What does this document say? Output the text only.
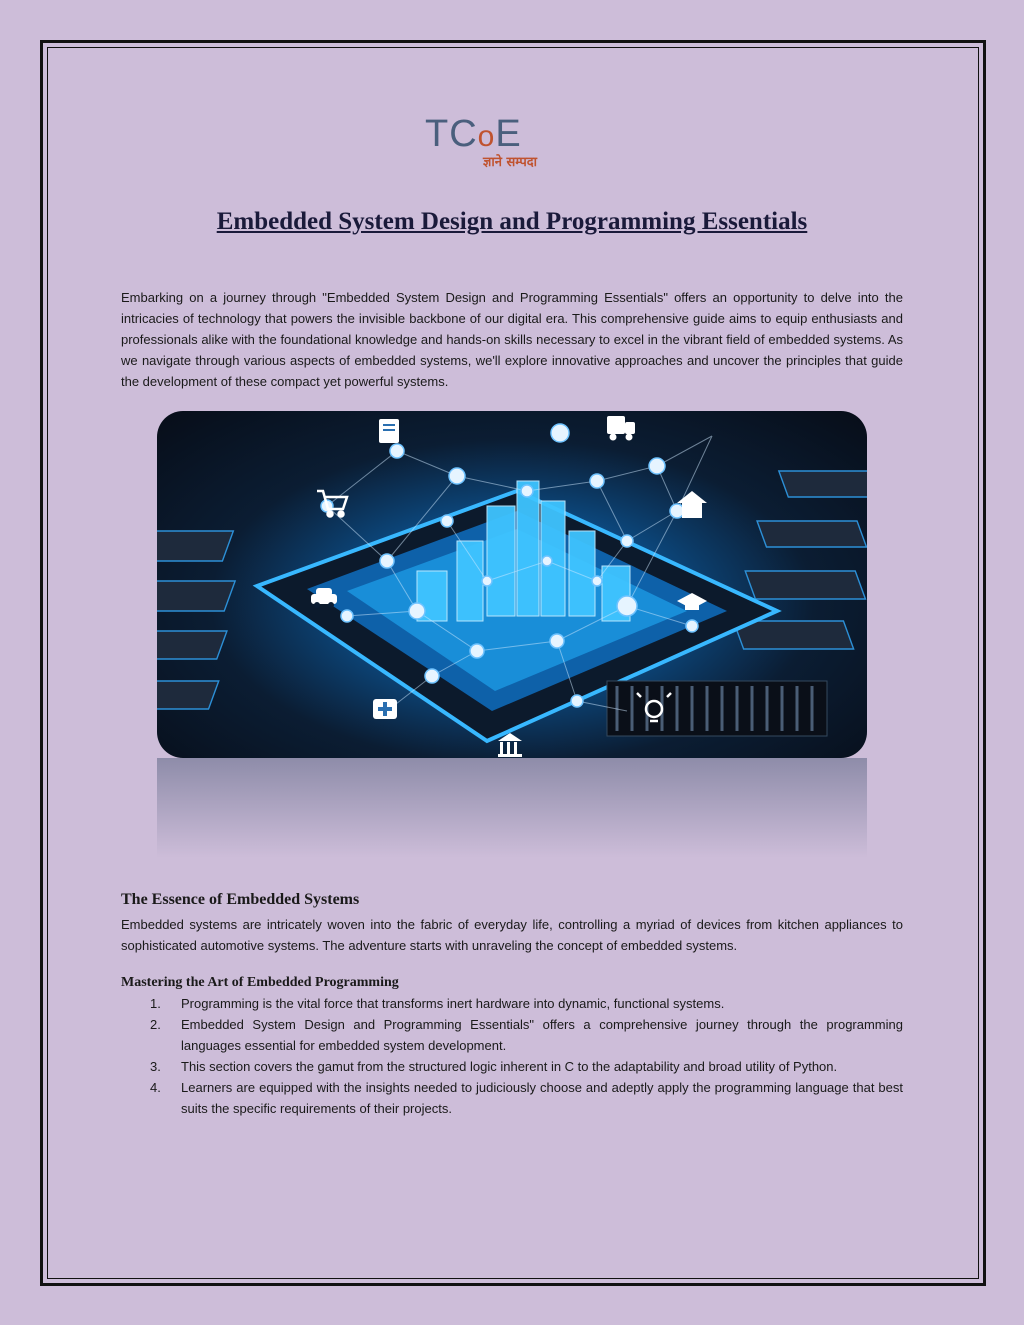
TCoE
ज्ञाने सम्पदा
Embedded System Design and Programming Essentials

Embarking on a journey through "Embedded System Design and Programming Essentials" offers an opportunity to delve into the intricacies of technology that powers the invisible backbone of our digital era. This comprehensive guide aims to equip enthusiasts and professionals alike with the foundational knowledge and hands-on skills necessary to excel in the vibrant field of embedded systems. As we navigate through various aspects of embedded systems, we'll explore innovative approaches and uncover the principles that guide the development of these compact yet powerful systems.

The Essence of Embedded Systems

Embedded systems are intricately woven into the fabric of everyday life, controlling a myriad of devices from kitchen appliances to sophisticated automotive systems. The adventure starts with unraveling the concept of embedded systems.

Mastering the Art of Embedded Programming
1. Programming is the vital force that transforms inert hardware into dynamic, functional systems.
2. Embedded System Design and Programming Essentials" offers a comprehensive journey through the programming languages essential for embedded system development.
3. This section covers the gamut from the structured logic inherent in C to the adaptability and broad utility of Python.
4. Learners are equipped with the insights needed to judiciously choose and adeptly apply the programming language that best suits the specific requirements of their projects.
